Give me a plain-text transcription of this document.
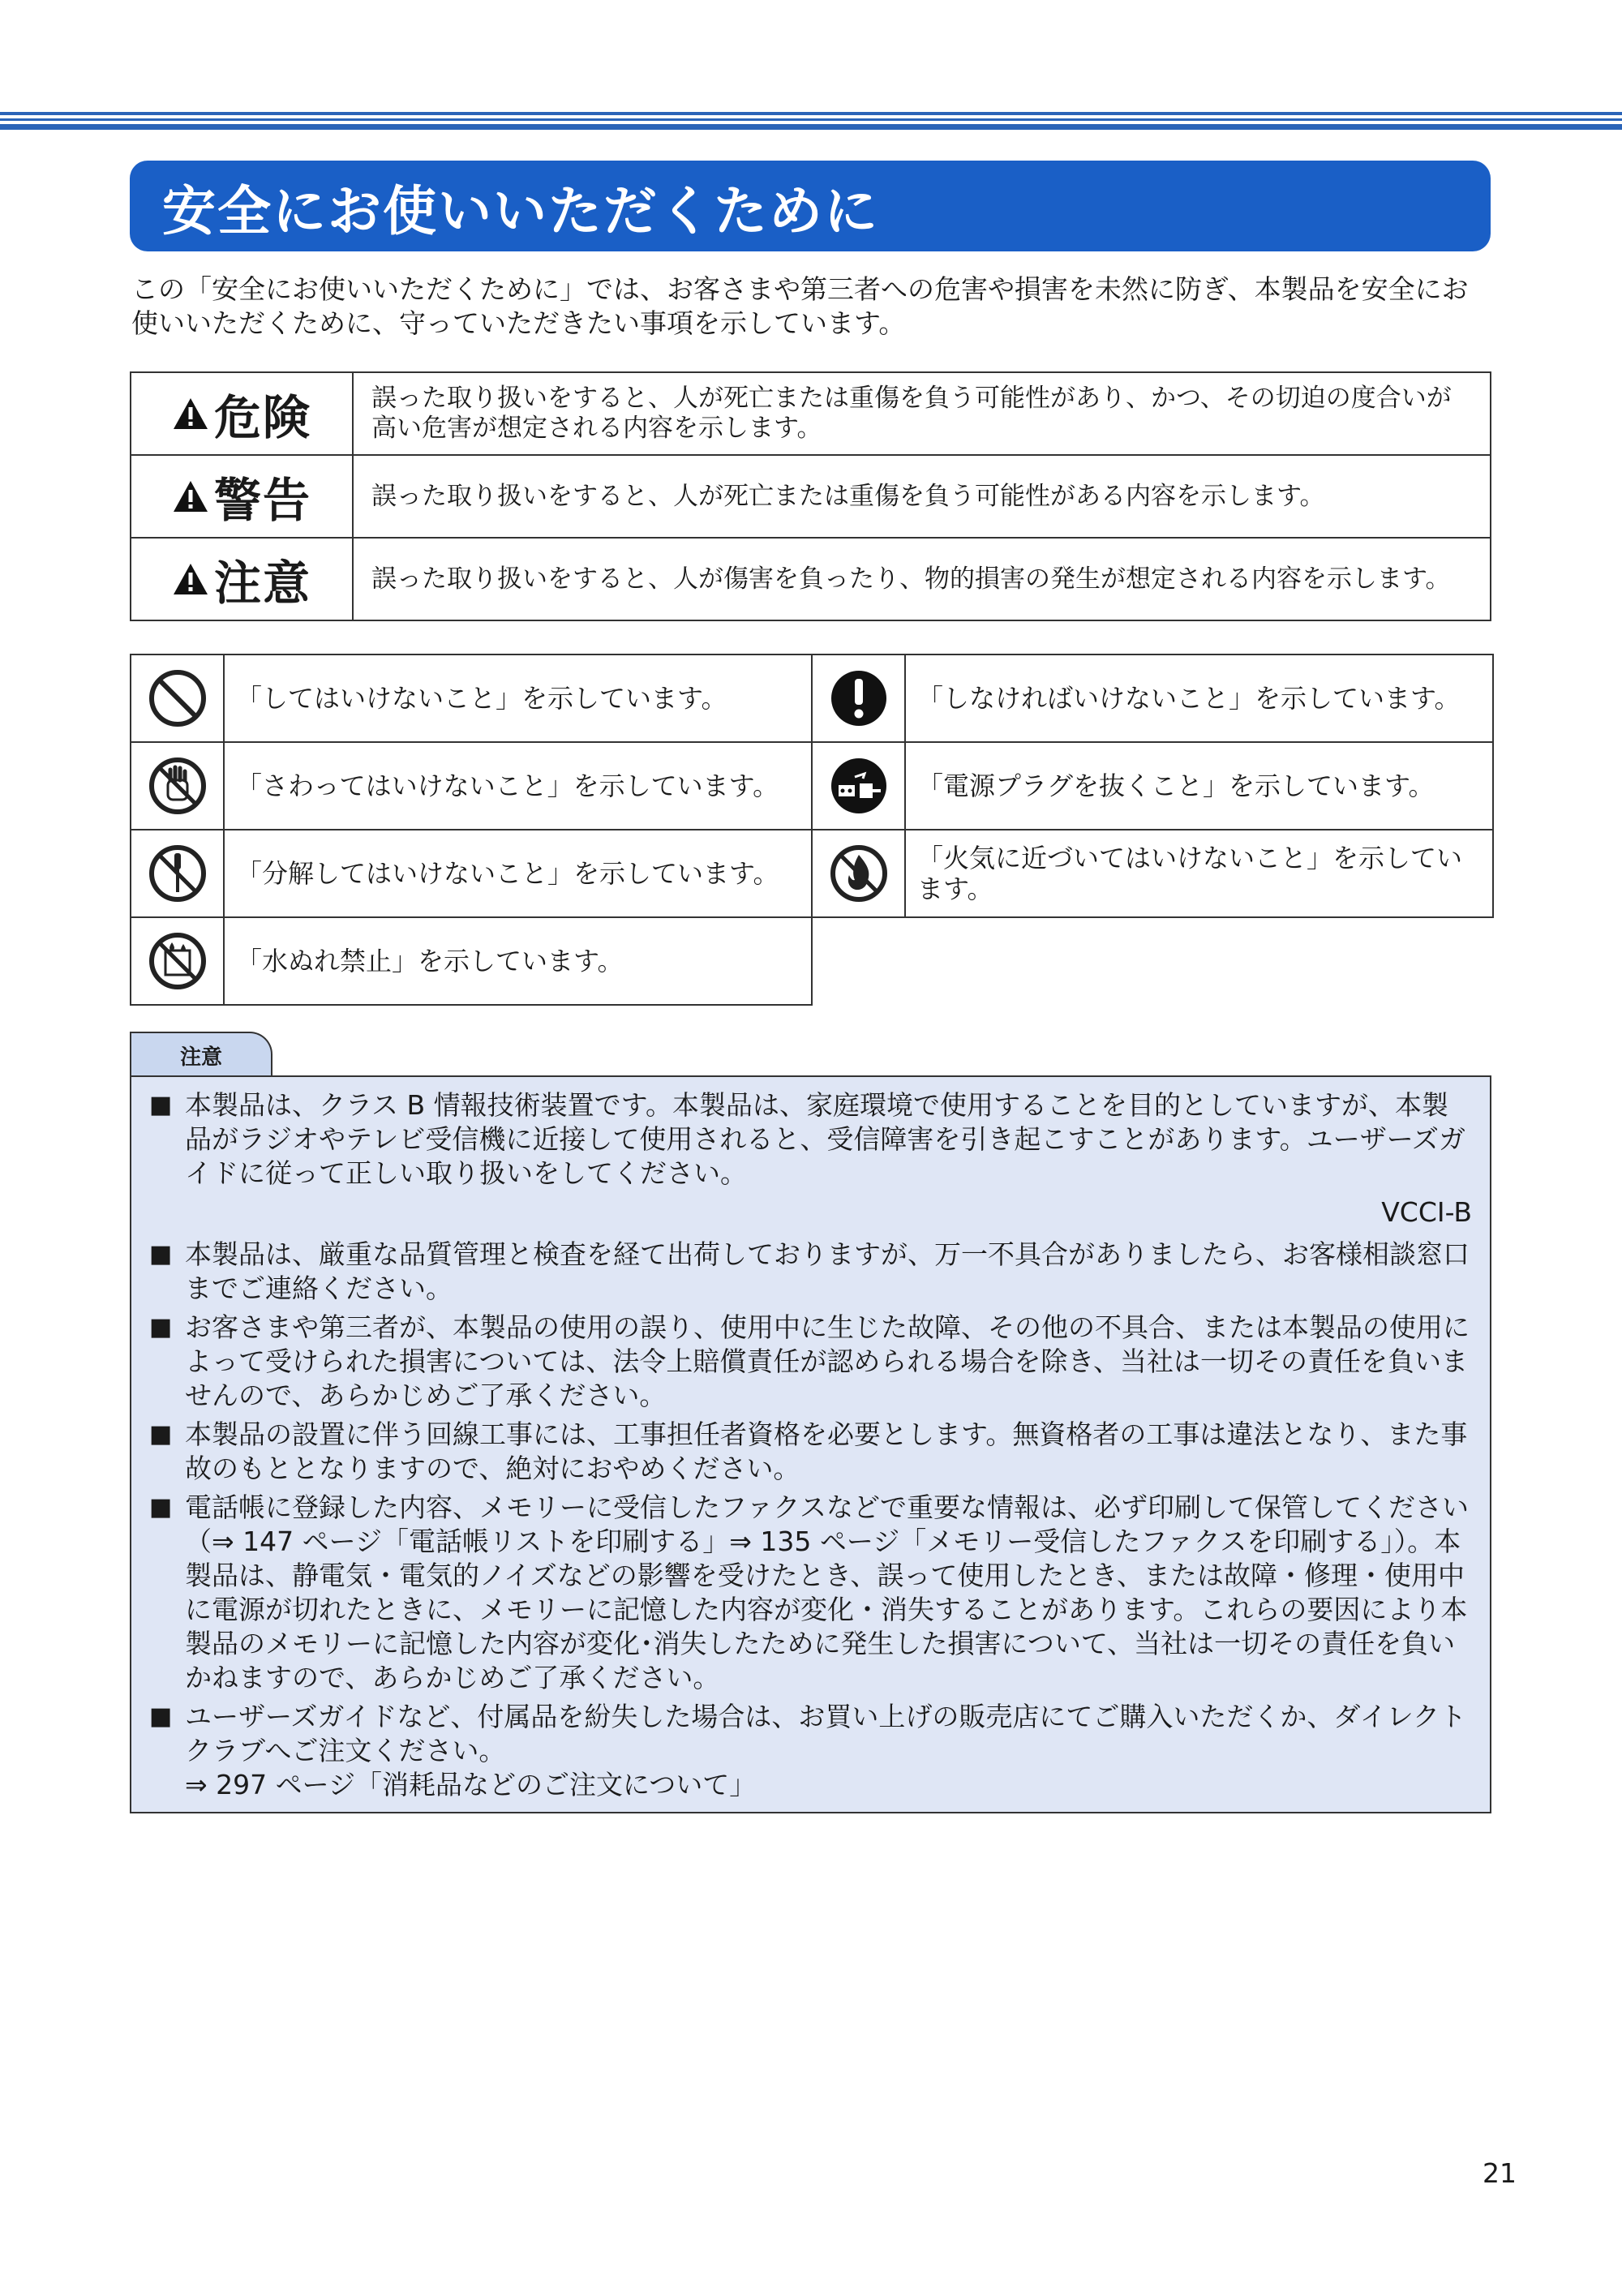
安全にお使いいただくために
この「安全にお使いいただくために」では、お客さまや第三者への危害や損害を未然に防ぎ、本製品を安全にお使いいただくために、守っていただきたい事項を示しています。
危険	誤った取り扱いをすると、人が死亡または重傷を負う可能性があり、かつ、その切迫の度合いが高い危害が想定される内容を示します。

警告	誤った取り扱いをすると、人が死亡または重傷を負う可能性がある内容を示します。

注意	誤った取り扱いをすると、人が傷害を負ったり、物的損害の発生が想定される内容を示します。
	「してはいけないこと」を示しています。		「しなければいけないこと」を示しています。

	「さわってはいけないこと」を示しています。		「電源プラグを抜くこと」を示しています。

	「分解してはいけないこと」を示しています。		「火気に近づいてはいけないこと」を示しています。

	「水ぬれ禁止」を示しています。		
注意
■ 本製品は、クラス B 情報技術装置です。本製品は、家庭環境で使用することを目的としていますが、本製品がラジオやテレビ受信機に近接して使用されると、受信障害を引き起こすことがあります。ユーザーズガイドに従って正しい取り扱いをしてください。
VCCI-B
■ 本製品は、厳重な品質管理と検査を経て出荷しておりますが、万一不具合がありましたら、お客様相談窓口までご連絡ください。
■ お客さまや第三者が、本製品の使用の誤り、使用中に生じた故障、その他の不具合、または本製品の使用によって受けられた損害については、法令上賠償責任が認められる場合を除き、当社は一切その責任を負いませんので、あらかじめご了承ください。
■ 本製品の設置に伴う回線工事には、工事担任者資格を必要とします。無資格者の工事は違法となり、また事故のもととなりますので、絶対におやめください。
■ 電話帳に登録した内容、メモリーに受信したファクスなどで重要な情報は、必ず印刷して保管してください（⇒ 147 ページ「電話帳リストを印刷する」⇒ 135 ページ「メモリー受信したファクスを印刷する」）。本製品は、静電気・電気的ノイズなどの影響を受けたとき、誤って使用したとき、または故障・修理・使用中に電源が切れたときに、メモリーに記憶した内容が変化・消失することがあります。これらの要因により本製品のメモリーに記憶した内容が変化･消失したために発生した損害について、当社は一切その責任を負いかねますので、あらかじめご了承ください。
■ ユーザーズガイドなど、付属品を紛失した場合は、お買い上げの販売店にてご購入いただくか、ダイレクトクラブへご注文ください。
⇒ 297 ページ「消耗品などのご注文について」
21
